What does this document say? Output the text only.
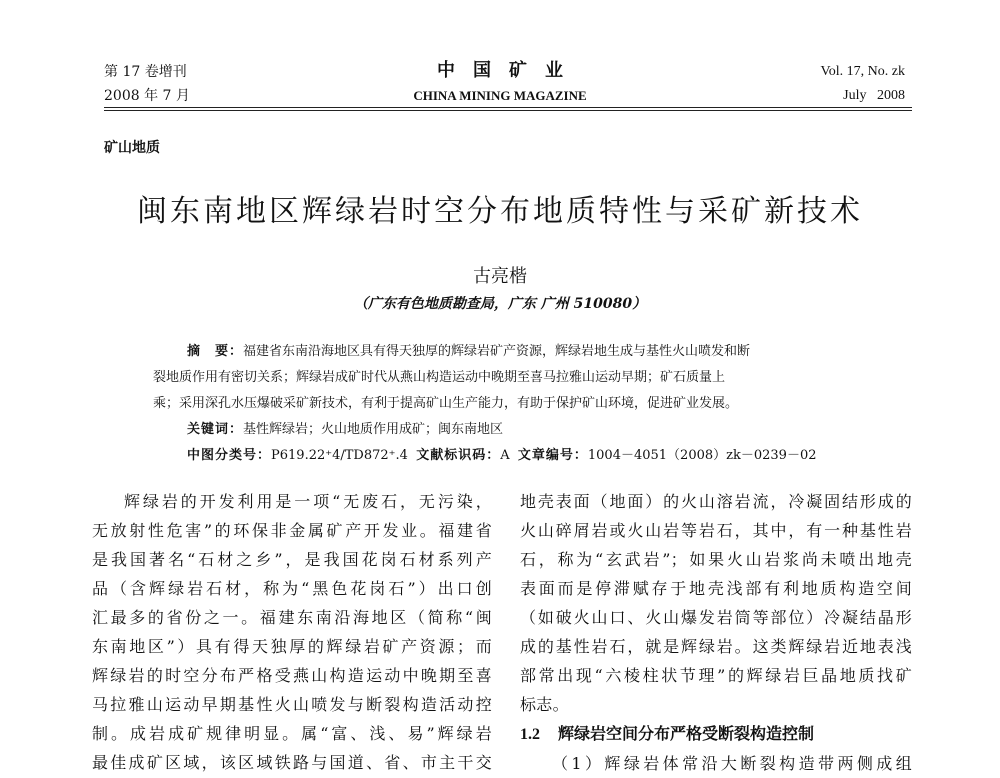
第 17 卷增刊
2008 年 7 月
中国矿业
CHINA MINING MAGAZINE
Vol. 17, No. zk
July   2008
矿山地质
闽东南地区辉绿岩时空分布地质特性与采矿新技术
古亮楷
（广东有色地质勘查局，广东 广州 510080）
摘　要：福建省东南沿海地区具有得天独厚的辉绿岩矿产资源，辉绿岩地生成与基性火山喷发和断
裂地质作用有密切关系；辉绿岩成矿时代从燕山构造运动中晚期至喜马拉雅山运动早期；矿石质量上
乘；采用深孔水压爆破采矿新技术，有利于提高矿山生产能力，有助于保护矿山环境，促进矿业发展。
关键词：基性辉绿岩；火山地质作用成矿；闽东南地区
中图分类号：P619.22⁺4/TD872⁺.4 文献标识码：A 文章编号：1004－4051（2008）zk－0239－02
辉绿岩的开发利用是一项“无废石，无污染，
无放射性危害”的环保非金属矿产开发业。福建省
是我国著名“石材之乡”，是我国花岗石材系列产
品（含辉绿岩石材，称为“黑色花岗石”）出口创
汇最多的省份之一。福建东南沿海地区（简称“闽
东南地区”）具有得天独厚的辉绿岩矿产资源；而
辉绿岩的时空分布严格受燕山构造运动中晚期至喜
马拉雅山运动早期基性火山喷发与断裂构造活动控
制。成岩成矿规律明显。属“富、浅、易”辉绿岩
最佳成矿区域，该区域铁路与国道、省、市主干交
地壳表面（地面）的火山溶岩流，冷凝固结形成的
火山碎屑岩或火山岩等岩石，其中，有一种基性岩
石，称为“玄武岩”；如果火山岩浆尚未喷出地壳
表面而是停滞赋存于地壳浅部有利地质构造空间
（如破火山口、火山爆发岩筒等部位）冷凝结晶形
成的基性岩石，就是辉绿岩。这类辉绿岩近地表浅
部常出现“六棱柱状节理”的辉绿岩巨晶地质找矿
标志。
1.2 辉绿岩空间分布严格受断裂构造控制
（1）辉绿岩体常沿大断裂构造带两侧成组
